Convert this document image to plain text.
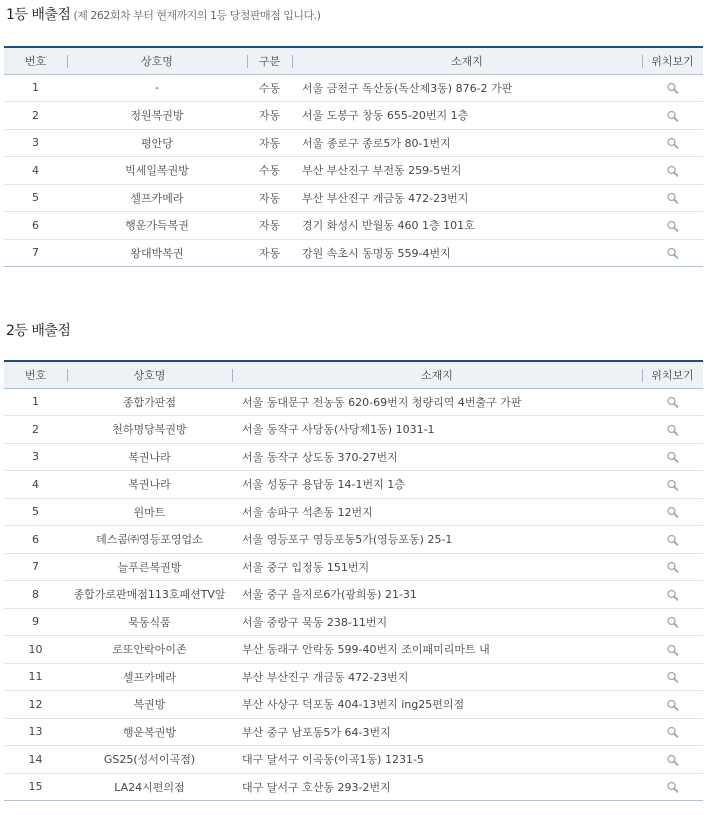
1등 배출점 (제 262회차 부터 현재까지의 1등 당첨판매점 입니다.)
번호	상호명	구분	소재지	위치보기
1	-	수동	서울 금천구 독산동(독산제3동) 876-2 가판	
2	정원복권방	자동	서울 도봉구 창동 655-20번지 1층	
3	평안당	자동	서울 종로구 종로5가 80-1번지	
4	빅세일복권방	수동	부산 부산진구 부전동 259-5번지	
5	셀프카메라	자동	부산 부산진구 개금동 472-23번지	
6	행운가득복권	자동	경기 화성시 반월동 460 1층 101호	
7	왕대박복권	자동	강원 속초시 동명동 559-4번지	
2등 배출점
번호	상호명	소재지	위치보기
1	종합가판점	서울 동대문구 전농동 620-69번지 청량리역 4번출구 가판	
2	천하명당복권방	서울 동작구 사당동(사당제1동) 1031-1	
3	복권나라	서울 동작구 상도동 370-27번지	
4	복권나라	서울 성동구 용답동 14-1번지 1층	
5	윈마트	서울 송파구 석촌동 12번지	
6	데스콤㈜영등포영업소	서울 영등포구 영등포동5가(영등포동) 25-1	
7	늘푸른복권방	서울 중구 입정동 151번지	
8	종합가로판매점113호패션TV앞	서울 중구 을지로6가(광희동) 21-31	
9	묵동식품	서울 중랑구 묵동 238-11번지	
10	로또안락아이존	부산 동래구 안락동 599-40번지 조이패미리마트 내	
11	셀프카메라	부산 부산진구 개금동 472-23번지	
12	복권방	부산 사상구 덕포동 404-13번지 ing25편의점	
13	행운복권방	부산 중구 남포동5가 64-3번지	
14	GS25(성서이곡점)	대구 달서구 이곡동(이곡1동) 1231-5	
15	LA24시편의점	대구 달서구 호산동 293-2번지	
